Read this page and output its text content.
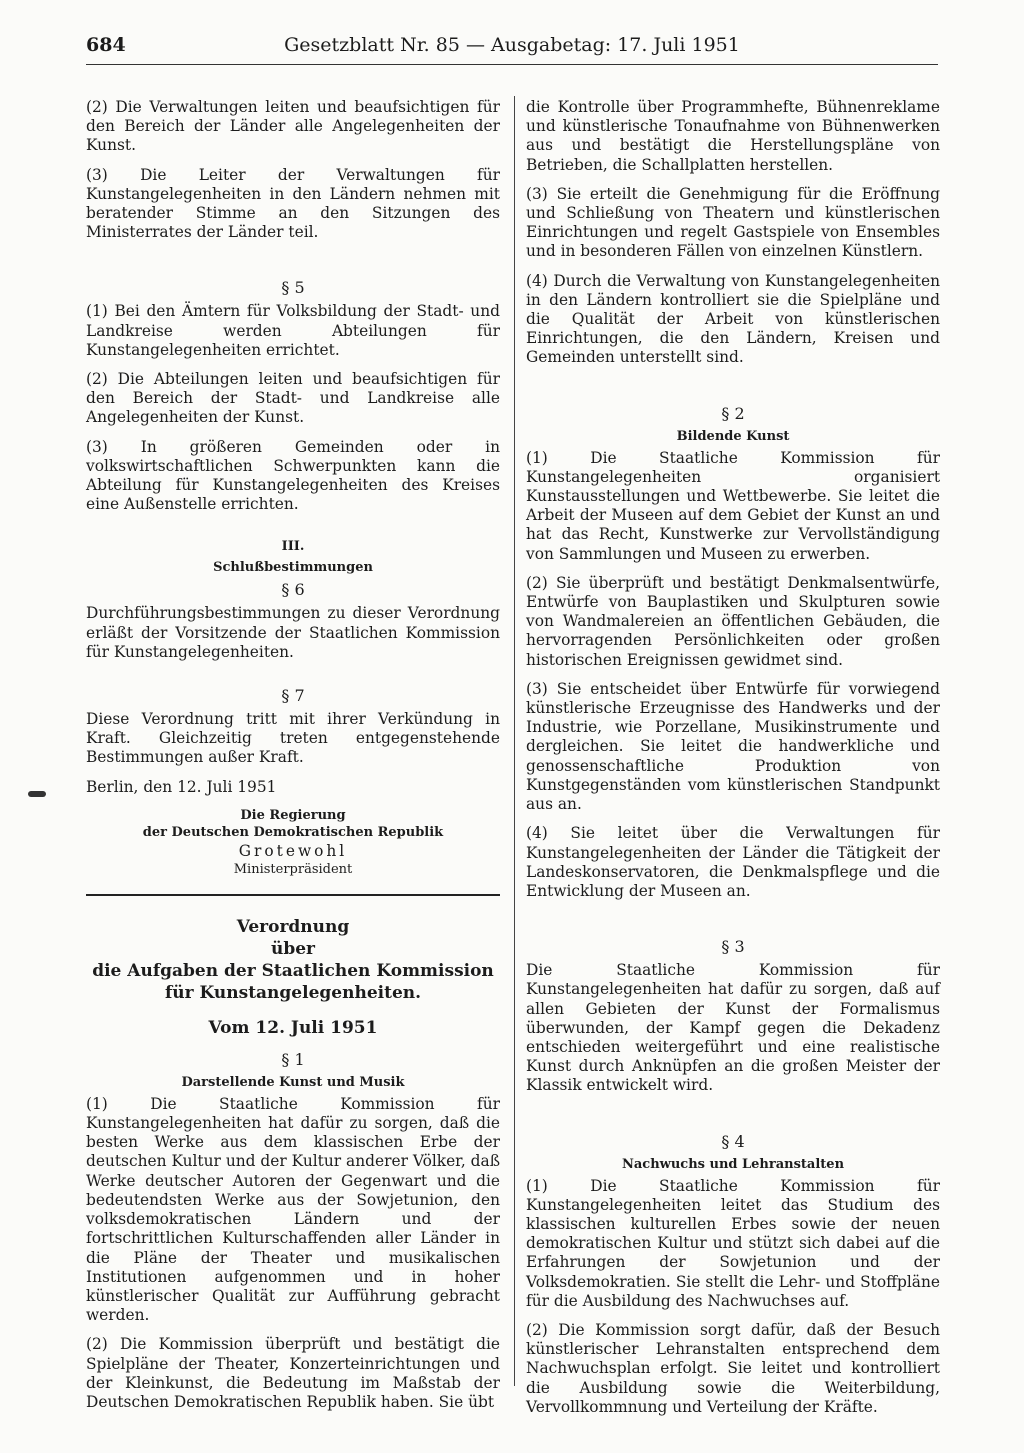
684	Gesetzblatt Nr. 85 — Ausgabetag: 17. Juli 1951

(2) Die Verwaltungen leiten und beaufsichtigen für den Bereich der Länder alle Angelegenheiten der Kunst.

(3) Die Leiter der Verwaltungen für Kunstangelegenheiten in den Ländern nehmen mit beratender Stimme an den Sitzungen des Ministerrates der Länder teil.

§ 5

(1) Bei den Ämtern für Volksbildung der Stadt- und Landkreise werden Abteilungen für Kunstangelegenheiten errichtet.

(2) Die Abteilungen leiten und beaufsichtigen für den Bereich der Stadt- und Landkreise alle Angelegenheiten der Kunst.

(3) In größeren Gemeinden oder in volkswirtschaftlichen Schwerpunkten kann die Abteilung für Kunstangelegenheiten des Kreises eine Außenstelle errichten.

III.
Schlußbestimmungen
§ 6

Durchführungsbestimmungen zu dieser Verordnung erläßt der Vorsitzende der Staatlichen Kommission für Kunstangelegenheiten.

§ 7

Diese Verordnung tritt mit ihrer Verkündung in Kraft. Gleichzeitig treten entgegenstehende Bestimmungen außer Kraft.

Berlin, den 12. Juli 1951

Die Regierung

der Deutschen Demokratischen Republik

Grotewohl

Ministerpräsident

Verordnung

über

die Aufgaben der Staatlichen Kommission

für Kunstangelegenheiten.

Vom 12. Juli 1951

§ 1
Darstellende Kunst und Musik

(1) Die Staatliche Kommission für Kunstangelegenheiten hat dafür zu sorgen, daß die besten Werke aus dem klassischen Erbe der deutschen Kultur und der Kultur anderer Völker, daß Werke deutscher Autoren der Gegenwart und die bedeutendsten Werke aus der Sowjetunion, den volksdemokratischen Ländern und der fortschrittlichen Kulturschaffenden aller Länder in die Pläne der Theater und musikalischen Institutionen aufgenommen und in hoher künstlerischer Qualität zur Aufführung gebracht werden.

(2) Die Kommission überprüft und bestätigt die Spielpläne der Theater, Konzerteinrichtungen und der Kleinkunst, die Bedeutung im Maßstab der Deutschen Demokratischen Republik haben. Sie übt

die Kontrolle über Programmhefte, Bühnenreklame und künstlerische Tonaufnahme von Bühnenwerken aus und bestätigt die Herstellungspläne von Betrieben, die Schallplatten herstellen.

(3) Sie erteilt die Genehmigung für die Eröffnung und Schließung von Theatern und künstlerischen Einrichtungen und regelt Gastspiele von Ensembles und in besonderen Fällen von einzelnen Künstlern.

(4) Durch die Verwaltung von Kunstangelegenheiten in den Ländern kontrolliert sie die Spielpläne und die Qualität der Arbeit von künstlerischen Einrichtungen, die den Ländern, Kreisen und Gemeinden unterstellt sind.

§ 2
Bildende Kunst

(1) Die Staatliche Kommission für Kunstangelegenheiten organisiert Kunstausstellungen und Wettbewerbe. Sie leitet die Arbeit der Museen auf dem Gebiet der Kunst an und hat das Recht, Kunstwerke zur Vervollständigung von Sammlungen und Museen zu erwerben.

(2) Sie überprüft und bestätigt Denkmalsentwürfe, Entwürfe von Bauplastiken und Skulpturen sowie von Wandmalereien an öffentlichen Gebäuden, die hervorragenden Persönlichkeiten oder großen historischen Ereignissen gewidmet sind.

(3) Sie entscheidet über Entwürfe für vorwiegend künstlerische Erzeugnisse des Handwerks und der Industrie, wie Porzellane, Musikinstrumente und dergleichen. Sie leitet die handwerkliche und genossenschaftliche Produktion von Kunstgegenständen vom künstlerischen Standpunkt aus an.

(4) Sie leitet über die Verwaltungen für Kunstangelegenheiten der Länder die Tätigkeit der Landeskonservatoren, die Denkmalspflege und die Entwicklung der Museen an.

§ 3

Die Staatliche Kommission für Kunstangelegenheiten hat dafür zu sorgen, daß auf allen Gebieten der Kunst der Formalismus überwunden, der Kampf gegen die Dekadenz entschieden weitergeführt und eine realistische Kunst durch Anknüpfen an die großen Meister der Klassik entwickelt wird.

§ 4
Nachwuchs und Lehranstalten

(1) Die Staatliche Kommission für Kunstangelegenheiten leitet das Studium des klassischen kulturellen Erbes sowie der neuen demokratischen Kultur und stützt sich dabei auf die Erfahrungen der Sowjetunion und der Volksdemokratien. Sie stellt die Lehr- und Stoffpläne für die Ausbildung des Nachwuchses auf.

(2) Die Kommission sorgt dafür, daß der Besuch künstlerischer Lehranstalten entsprechend dem Nachwuchsplan erfolgt. Sie leitet und kontrolliert die Ausbildung sowie die Weiterbildung, Vervollkommnung und Verteilung der Kräfte.
